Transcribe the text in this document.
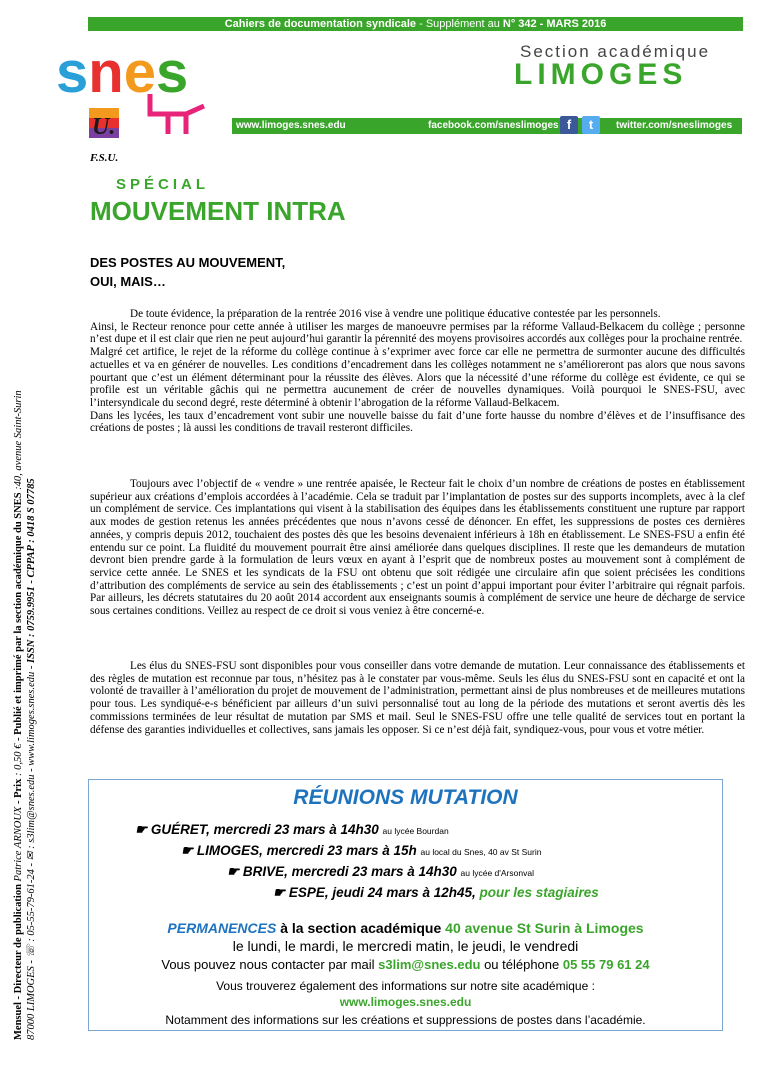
Cahiers de documentation syndicale - Supplément au N° 342 - MARS 2016
snes
U.
F.S.U.
Section académique
LIMOGES
www.limoges.snes.edu	facebook.com/sneslimoges f	t	twitter.com/sneslimoges
SPÉCIAL
MOUVEMENT INTRA
DES POSTES AU MOUVEMENT,
OUI, MAIS…

De toute évidence, la préparation de la rentrée 2016 vise à vendre une politique éducative contestée par les personnels.

Ainsi, le Recteur renonce pour cette année à utiliser les marges de manoeuvre permises par la réforme Vallaud-Belkacem du collège ; personne n’est dupe et il est clair que rien ne peut aujourd’hui garantir la pérennité des moyens provisoires accordés aux collèges pour la prochaine rentrée.

Malgré cet artifice, le rejet de la réforme du collège continue à s’exprimer avec force car elle ne permettra de surmonter aucune des difficultés actuelles et va en générer de nouvelles. Les conditions d’encadrement dans les collèges notamment ne s’amélioreront pas alors que nous savons pourtant que c’est un élément déterminant pour la réussite des élèves. Alors que la nécessité d’une réforme du collège est évidente, ce qui se profile est un véritable gâchis qui ne permettra aucunement de créer de nouvelles dynamiques. Voilà pourquoi le SNES-FSU, avec l’intersyndicale du second degré, reste déterminé à obtenir l’abrogation de la réforme Vallaud-Belkacem.

Dans les lycées, les taux d’encadrement vont subir une nouvelle baisse du fait d’une forte hausse du nombre d’élèves et de l’insuffisance des créations de postes ; là aussi les conditions de travail resteront difficiles.

Toujours avec l’objectif de « vendre » une rentrée apaisée, le Recteur fait le choix d’un nombre de créations de postes en établissement supérieur aux créations d’emplois accordées à l’académie. Cela se traduit par l’implantation de postes sur des supports incomplets, avec à la clef un complément de service. Ces implantations qui visent à la stabilisation des équipes dans les établissements constituent une rupture par rapport aux modes de gestion retenus les années précédentes que nous n’avons cessé de dénoncer. En effet, les suppressions de postes ces dernières années, y compris depuis 2012, touchaient des postes dès que les besoins devenaient inférieurs à 18h en établissement. Le SNES-FSU a enfin été entendu sur ce point. La fluidité du mouvement pourrait être ainsi améliorée dans quelques disciplines. Il reste que les demandeurs de mutation devront bien prendre garde à la formulation de leurs vœux en ayant à l’esprit que de nombreux postes au mouvement sont à complément de service cette année. Le SNES et les syndicats de la FSU ont obtenu que soit rédigée une circulaire afin que soient précisées les conditions d’attribution des compléments de service au sein des établissements ; c’est un point d’appui important pour éviter l’arbitraire qui régnait parfois. Par ailleurs, les décrets statutaires du 20 août 2014 accordent aux enseignants soumis à complément de service une heure de décharge de service sous certaines conditions. Veillez au respect de ce droit si vous veniez à être concerné-e.

Les élus du SNES-FSU sont disponibles pour vous conseiller dans votre demande de mutation. Leur connaissance des établissements et des règles de mutation est reconnue par tous, n’hésitez pas à le constater par vous-même. Seuls les élus du SNES-FSU sont en capacité et ont la volonté de travailler à l’amélioration du projet de mouvement de l’administration, permettant ainsi de plus nombreuses et de meilleures mutations pour tous. Les syndiqué-e-s bénéficient par ailleurs d’un suivi personnalisé tout au long de la période des mutations et seront avertis dès les commissions terminées de leur résultat de mutation par SMS et mail. Seul le SNES-FSU offre une telle qualité de services tout en portant la défense des garanties individuelles et collectives, sans jamais les opposer. Si ce n’est déjà fait, syndiquez-vous, pour vous et votre métier.

Mensuel - Directeur de publication Patrice ARNOUX - Prix : 0,50 € - Publié et imprimé par la section académique du SNES :40, avenue Saint-Surin
87000 LIMOGES - ☏ : 05-55-79-61-24 - ✉ : s3lim@snes.edu - www.limoges.snes.edu - ISSN : 0759.9951 - CPPAP : 0418 S 07785
RÉUNIONS MUTATION
☛ GUÉRET, mercredi 23 mars à 14h30 au lycée Bourdan
☛ LIMOGES, mercredi 23 mars à 15h au local du Snes, 40 av St Surin
☛ BRIVE, mercredi 23 mars à 14h30 au lycée d'Arsonval
☛ ESPE, jeudi 24 mars à 12h45, pour les stagiaires
PERMANENCES à la section académique 40 avenue St Surin à Limoges
le lundi, le mardi, le mercredi matin, le jeudi, le vendredi
Vous pouvez nous contacter par mail s3lim@snes.edu ou téléphone 05 55 79 61 24
Vous trouverez également des informations sur notre site académique :
www.limoges.snes.edu
Notamment des informations sur les créations et suppressions de postes dans l’académie.
